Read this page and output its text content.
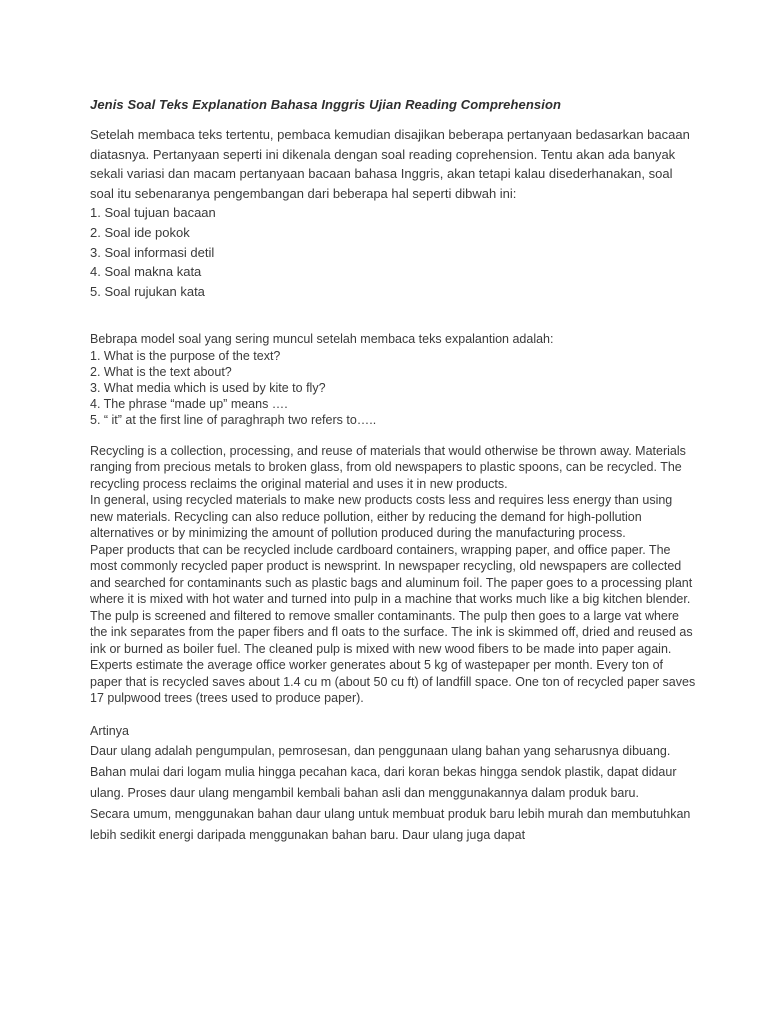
Jenis Soal Teks Explanation Bahasa Inggris Ujian Reading Comprehension

Setelah membaca teks tertentu, pembaca kemudian disajikan beberapa pertanyaan bedasarkan bacaan diatasnya. Pertanyaan seperti ini dikenala dengan soal reading coprehension. Tentu akan ada banyak sekali variasi dan macam pertanyaan bacaan bahasa Inggris, akan tetapi kalau disederhanakan, soal soal itu sebenaranya pengembangan dari beberapa hal seperti dibwah ini:

1. Soal tujuan bacaan
2. Soal ide pokok
3. Soal informasi detil
4. Soal makna kata
5. Soal rujukan kata

Bebrapa model soal yang sering muncul setelah membaca teks expalantion adalah:

1. What is the purpose of the text?
2. What is the text about?
3. What media which is used by kite to fly?
4. The phrase “made up” means ….
5. “ it” at the first line of paraghraph two refers to…..

Recycling is a collection, processing, and reuse of materials that would otherwise be thrown away. Materials ranging from precious metals to broken glass, from old newspapers to plastic spoons, can be recycled. The recycling process reclaims the original material and uses it in new products.

In general, using recycled materials to make new products costs less and requires less energy than using new materials. Recycling can also reduce pollution, either by reducing the demand for high-pollution alternatives or by minimizing the amount of pollution produced during the manufacturing process.

Paper products that can be recycled include cardboard containers, wrapping paper, and office paper. The most commonly recycled paper product is newsprint. In newspaper recycling, old newspapers are collected and searched for contaminants such as plastic bags and aluminum foil. The paper goes to a processing plant where it is mixed with hot water and turned into pulp in a machine that works much like a big kitchen blender. The pulp is screened and filtered to remove smaller contaminants. The pulp then goes to a large vat where the ink separates from the paper fibers and fl oats to the surface. The ink is skimmed off, dried and reused as ink or burned as boiler fuel. The cleaned pulp is mixed with new wood fibers to be made into paper again.

Experts estimate the average office worker generates about 5 kg of wastepaper per month. Every ton of paper that is recycled saves about 1.4 cu m (about 50 cu ft) of landfill space. One ton of recycled paper saves 17 pulpwood trees (trees used to produce paper).

Artinya

Daur ulang adalah pengumpulan, pemrosesan, dan penggunaan ulang bahan yang seharusnya dibuang. Bahan mulai dari logam mulia hingga pecahan kaca, dari koran bekas hingga sendok plastik, dapat didaur ulang. Proses daur ulang mengambil kembali bahan asli dan menggunakannya dalam produk baru.

Secara umum, menggunakan bahan daur ulang untuk membuat produk baru lebih murah dan membutuhkan lebih sedikit energi daripada menggunakan bahan baru. Daur ulang juga dapat
